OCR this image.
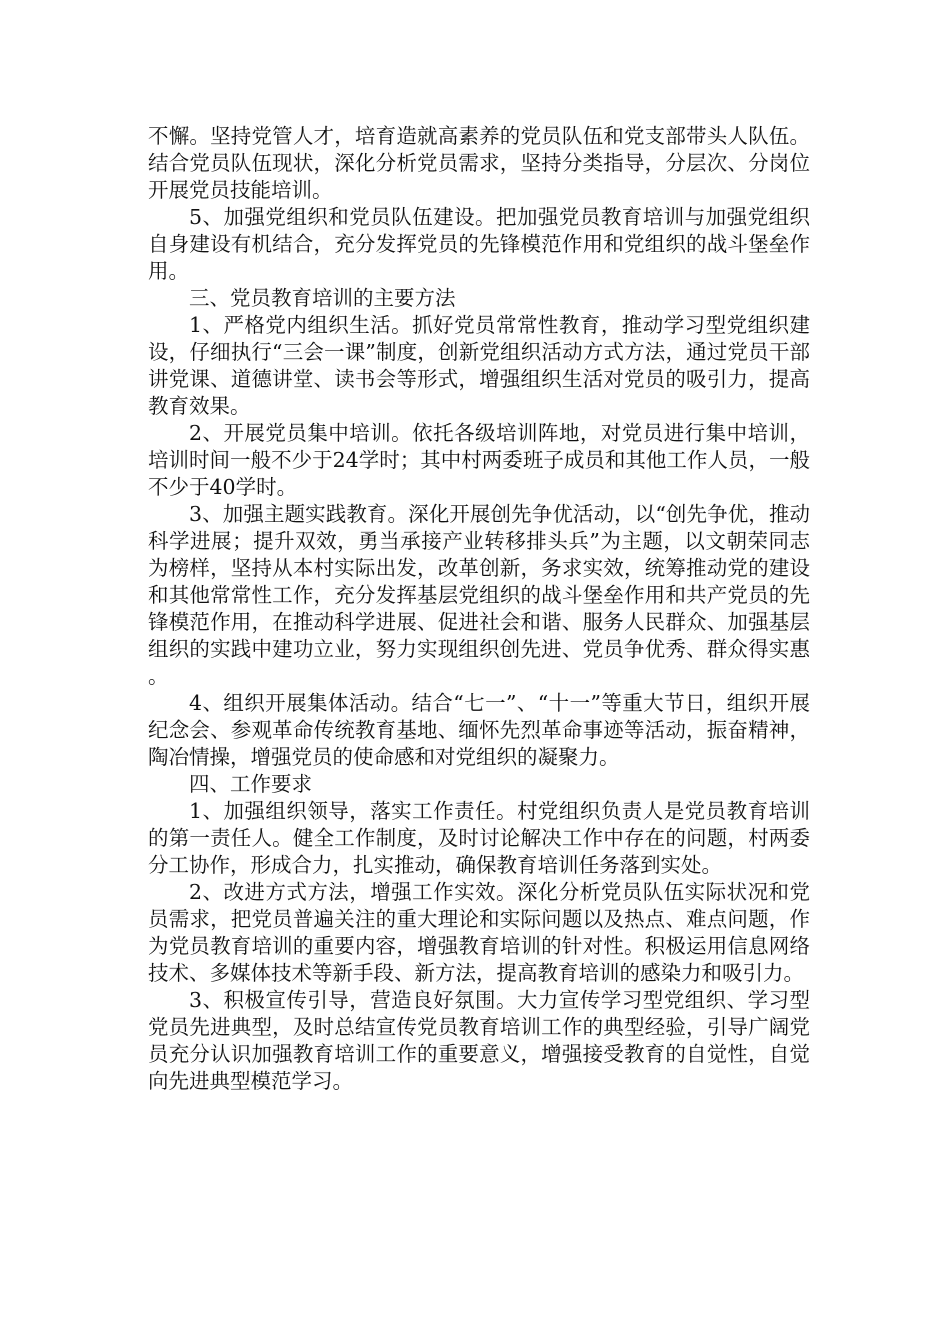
不懈。坚持党管人才，培育造就高素养的党员队伍和党支部带头人队伍。结合党员队伍现状，深化分析党员需求，坚持分类指导，分层次、分岗位开展党员技能培训。

5、加强党组织和党员队伍建设。把加强党员教育培训与加强党组织自身建设有机结合，充分发挥党员的先锋模范作用和党组织的战斗堡垒作用。

三、党员教育培训的主要方法

1、严格党内组织生活。抓好党员常常性教育，推动学习型党组织建设，仔细执行“三会一课”制度，创新党组织活动方式方法，通过党员干部讲党课、道德讲堂、读书会等形式，增强组织生活对党员的吸引力，提高教育效果。

2、开展党员集中培训。依托各级培训阵地，对党员进行集中培训，培训时间一般不少于24学时；其中村两委班子成员和其他工作人员，一般不少于40学时。

3、加强主题实践教育。深化开展创先争优活动，以“创先争优，推动科学进展；提升双效，勇当承接产业转移排头兵”为主题，以文朝荣同志为榜样，坚持从本村实际出发，改革创新，务求实效，统筹推动党的建设和其他常常性工作，充分发挥基层党组织的战斗堡垒作用和共产党员的先锋模范作用，在推动科学进展、促进社会和谐、服务人民群众、加强基层组织的实践中建功立业，努力实现组织创先进、党员争优秀、群众得实惠。

4、组织开展集体活动。结合“七一”、“十一”等重大节日，组织开展纪念会、参观革命传统教育基地、缅怀先烈革命事迹等活动，振奋精神，陶冶情操，增强党员的使命感和对党组织的凝聚力。

四、工作要求

1、加强组织领导，落实工作责任。村党组织负责人是党员教育培训的第一责任人。健全工作制度，及时讨论解决工作中存在的问题，村两委分工协作，形成合力，扎实推动，确保教育培训任务落到实处。

2、改进方式方法，增强工作实效。深化分析党员队伍实际状况和党员需求，把党员普遍关注的重大理论和实际问题以及热点、难点问题，作为党员教育培训的重要内容，增强教育培训的针对性。积极运用信息网络技术、多媒体技术等新手段、新方法，提高教育培训的感染力和吸引力。

3、积极宣传引导，营造良好氛围。大力宣传学习型党组织、学习型党员先进典型，及时总结宣传党员教育培训工作的典型经验，引导广阔党员充分认识加强教育培训工作的重要意义，增强接受教育的自觉性，自觉向先进典型模范学习。
